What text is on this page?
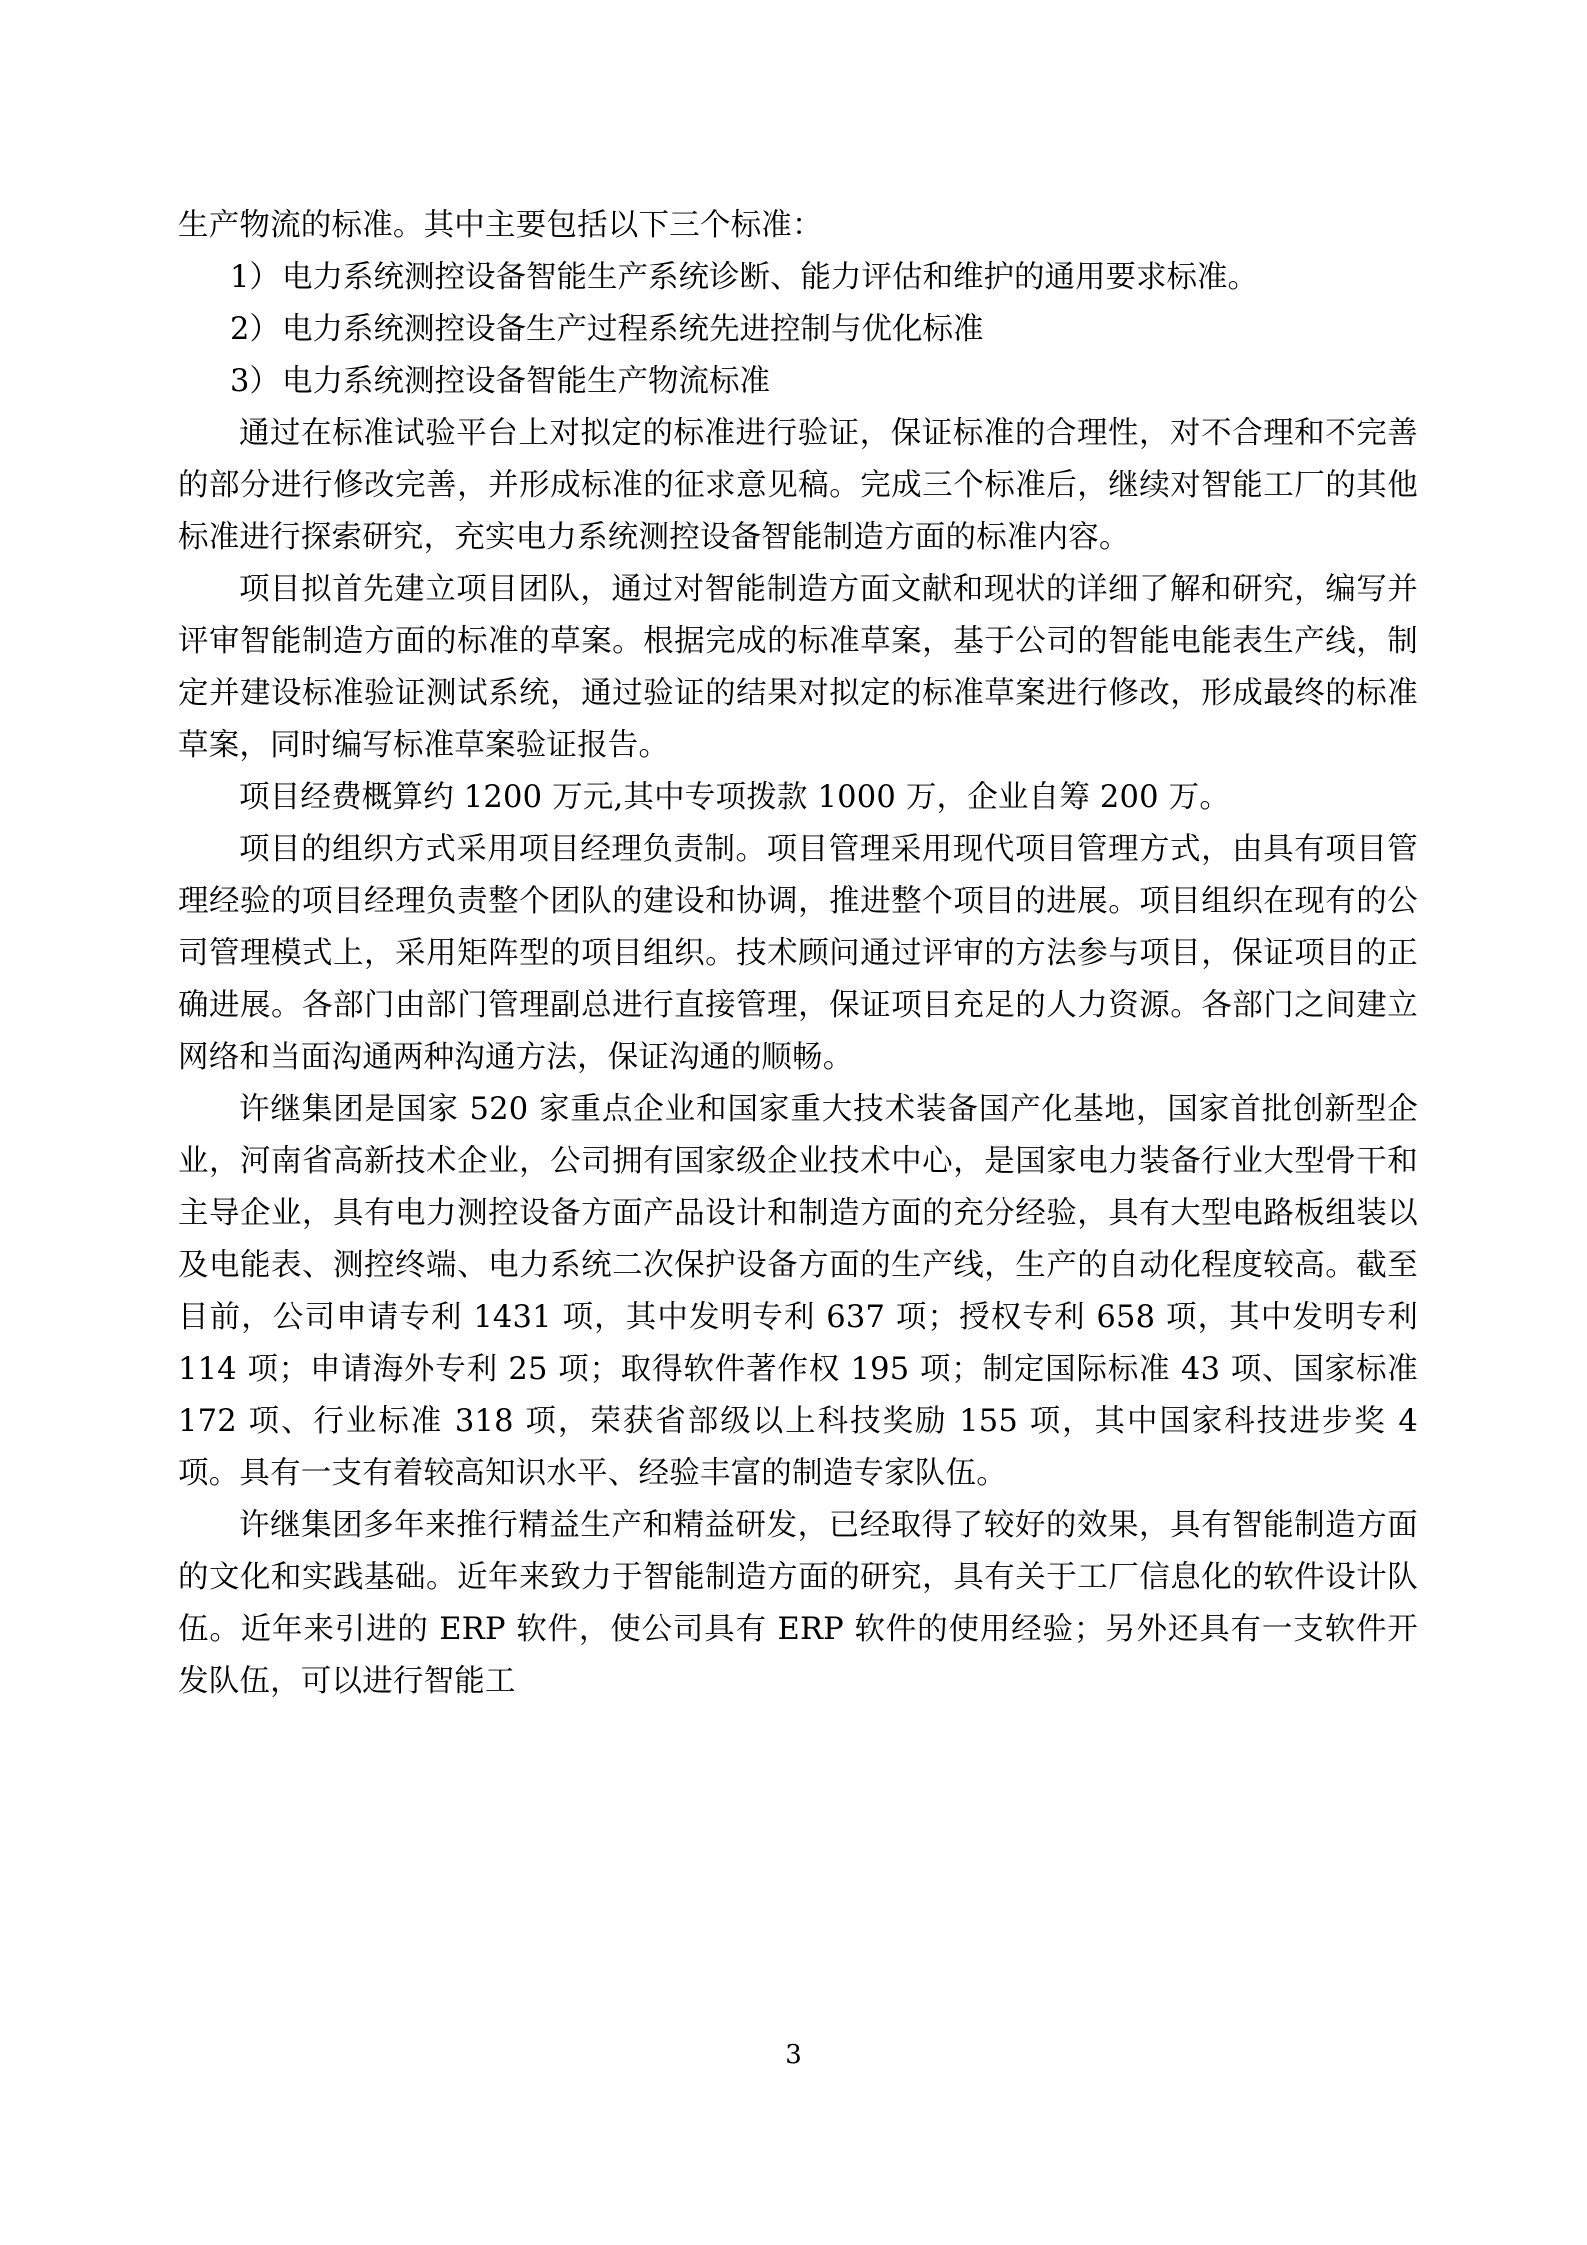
生产物流的标准。其中主要包括以下三个标准：

1） 电力系统测控设备智能生产系统诊断、能力评估和维护的通用要求标准。
2） 电力系统测控设备生产过程系统先进控制与优化标准
3） 电力系统测控设备智能生产物流标准

通过在标准试验平台上对拟定的标准进行验证，保证标准的合理性，对不合理和不完善的部分进行修改完善，并形成标准的征求意见稿。完成三个标准后，继续对智能工厂的其他标准进行探索研究，充实电力系统测控设备智能制造方面的标准内容。

项目拟首先建立项目团队，通过对智能制造方面文献和现状的详细了解和研究，编写并评审智能制造方面的标准的草案。根据完成的标准草案，基于公司的智能电能表生产线，制定并建设标准验证测试系统，通过验证的结果对拟定的标准草案进行修改，形成最终的标准草案，同时编写标准草案验证报告。

项目经费概算约 1200 万元,其中专项拨款 1000 万，企业自筹 200 万。

项目的组织方式采用项目经理负责制。项目管理采用现代项目管理方式，由具有项目管理经验的项目经理负责整个团队的建设和协调，推进整个项目的进展。项目组织在现有的公司管理模式上，采用矩阵型的项目组织。技术顾问通过评审的方法参与项目，保证项目的正确进展。各部门由部门管理副总进行直接管理，保证项目充足的人力资源。各部门之间建立网络和当面沟通两种沟通方法，保证沟通的顺畅。

许继集团是国家 520 家重点企业和国家重大技术装备国产化基地，国家首批创新型企业，河南省高新技术企业，公司拥有国家级企业技术中心，是国家电力装备行业大型骨干和主导企业，具有电力测控设备方面产品设计和制造方面的充分经验，具有大型电路板组装以及电能表、测控终端、电力系统二次保护设备方面的生产线，生产的自动化程度较高。截至目前，公司申请专利 1431 项，其中发明专利 637 项；授权专利 658 项，其中发明专利 114 项；申请海外专利 25 项；取得软件著作权 195 项；制定国际标准 43 项、国家标准 172 项、行业标准 318 项，荣获省部级以上科技奖励 155 项，其中国家科技进步奖 4 项。具有一支有着较高知识水平、经验丰富的制造专家队伍。

许继集团多年来推行精益生产和精益研发，已经取得了较好的效果，具有智能制造方面的文化和实践基础。近年来致力于智能制造方面的研究，具有关于工厂信息化的软件设计队伍。近年来引进的 ERP 软件，使公司具有 ERP 软件的使用经验；另外还具有一支软件开发队伍，可以进行智能工

3
